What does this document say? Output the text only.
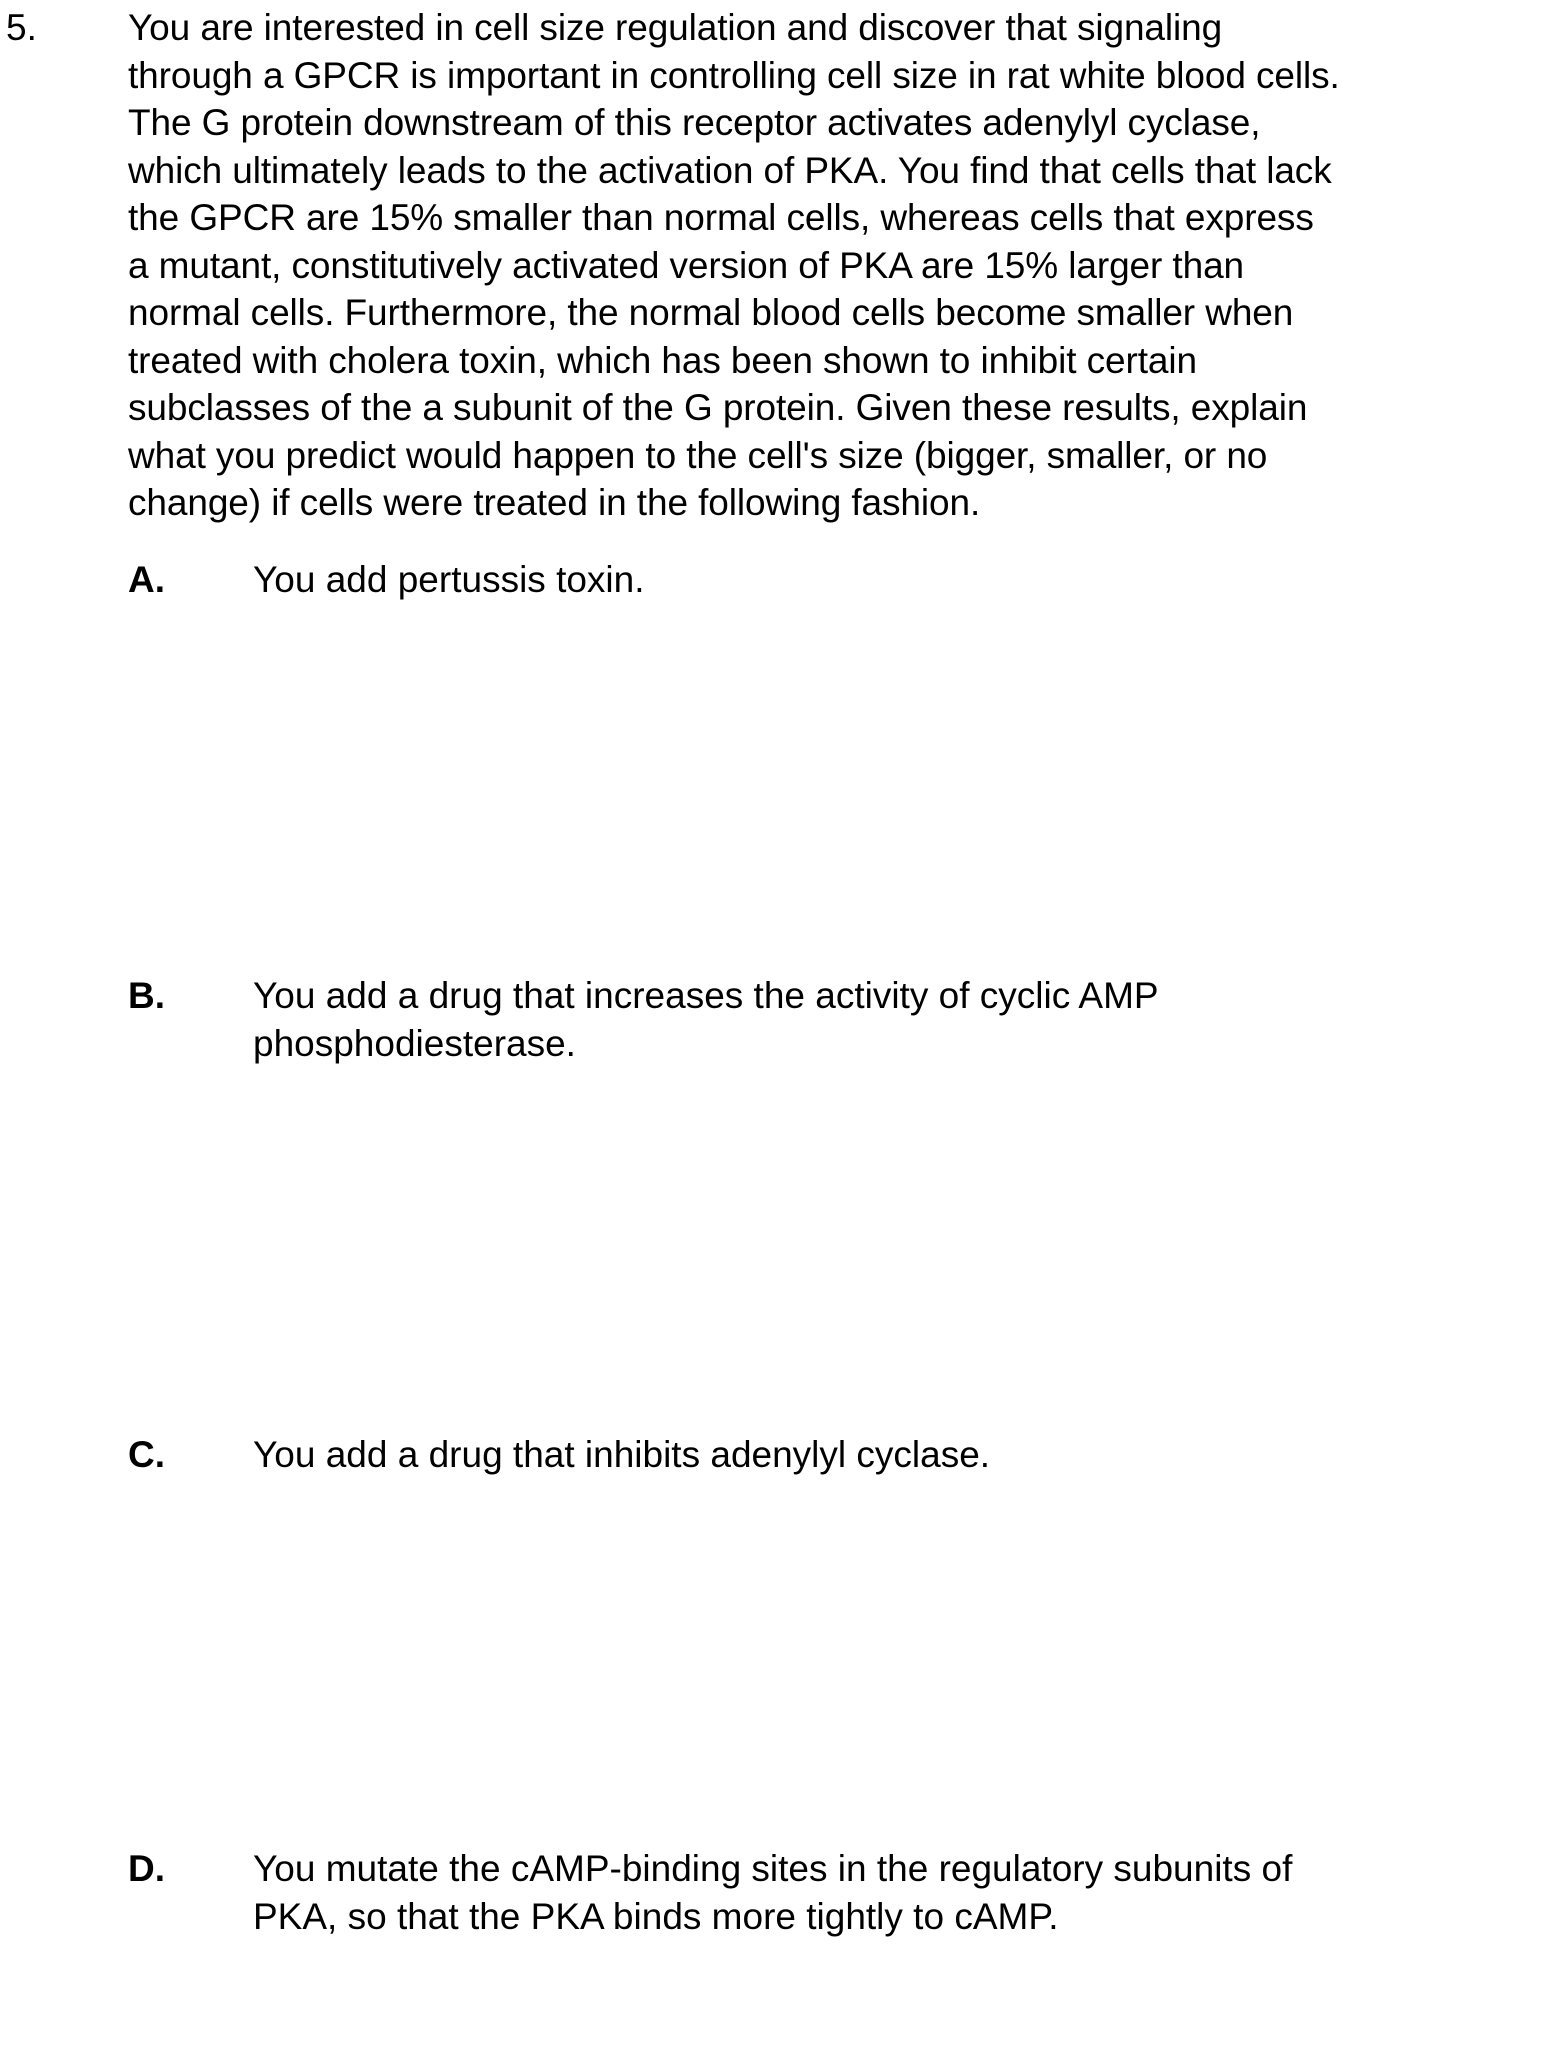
5. You are interested in cell size regulation and discover that signaling
through a GPCR is important in controlling cell size in rat white blood cells.
The G protein downstream of this receptor activates adenylyl cyclase,
which ultimately leads to the activation of PKA. You find that cells that lack
the GPCR are 15% smaller than normal cells, whereas cells that express
a mutant, constitutively activated version of PKA are 15% larger than
normal cells. Furthermore, the normal blood cells become smaller when
treated with cholera toxin, which has been shown to inhibit certain
subclasses of the a subunit of the G protein. Given these results, explain
what you predict would happen to the cell's size (bigger, smaller, or no
change) if cells were treated in the following fashion.
A. You add pertussis toxin.
B. You add a drug that increases the activity of cyclic AMP
phosphodiesterase.
C. You add a drug that inhibits adenylyl cyclase.
D. You mutate the cAMP-binding sites in the regulatory subunits of
PKA, so that the PKA binds more tightly to cAMP.
